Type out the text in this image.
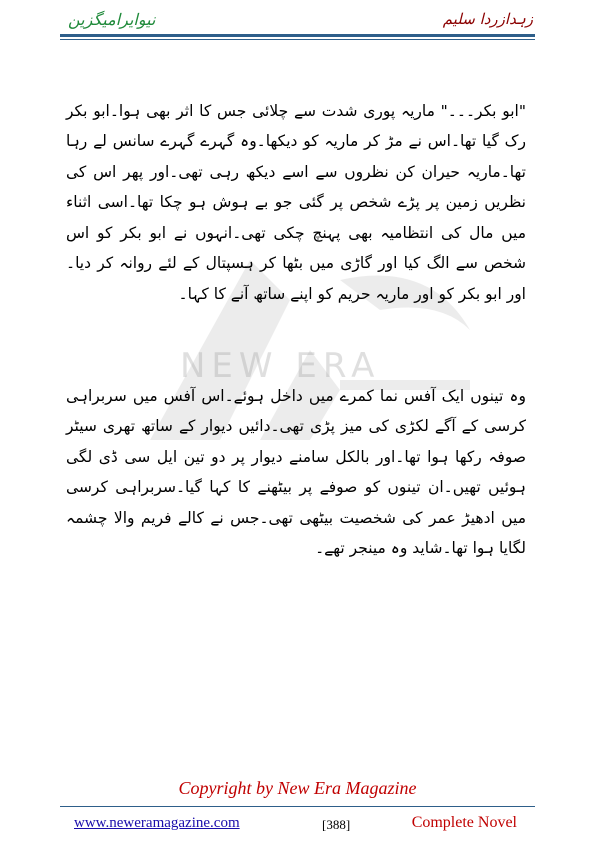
نیوایرامیگزین	زہدازردا سلیم
NEW ERA

"ابو بکر۔۔۔" ماریہ پوری شدت سے چلائی جس کا اثر بھی ہوا۔ابو بکر رک گیا تھا۔اس نے مڑ کر ماریہ کو دیکھا۔وہ گہرے گہرے سانس لے رہا تھا۔ماریہ حیران کن نظروں سے اسے دیکھ رہی تھی۔اور پھر اس کی نظریں زمین پر پڑے شخص پر گئی جو بے ہوش ہو چکا تھا۔اسی اثناء میں مال کی انتظامیہ بھی پہنچ چکی تھی۔انہوں نے ابو بکر کو اس شخص سے الگ کیا اور گاڑی میں بٹھا کر ہسپتال کے لئے روانہ کر دیا۔اور ابو بکر کو اور ماریہ حریم کو اپنے ساتھ آنے کا کہا۔

وہ تینوں ایک آفس نما کمرے میں داخل ہوئے۔اس آفس میں سربراہی کرسی کے آگے لکڑی کی میز پڑی تھی۔دائیں دیوار کے ساتھ تھری سیٹر صوفہ رکھا ہوا تھا۔اور بالکل سامنے دیوار پر دو تین ایل سی ڈی لگی ہوئیں تھیں۔ان تینوں کو صوفے پر بیٹھنے کا کہا گیا۔سربراہی کرسی میں ادھیڑ عمر کی شخصیت بیٹھی تھی۔جس نے کالے فریم والا چشمہ لگایا ہوا تھا۔شاید وہ مینجر تھے۔

Copyright by New Era Magazine
www.neweramagazine.com	[388]	Complete Novel
